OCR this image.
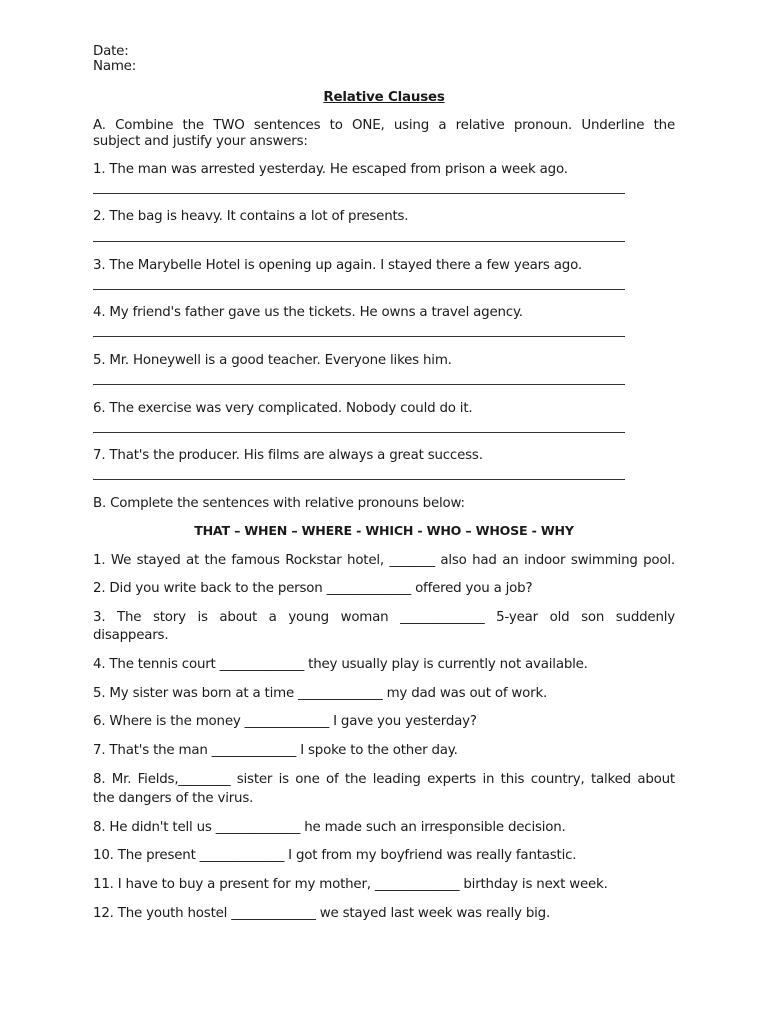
Date:
Name:
Relative Clauses
A. Combine the TWO sentences to ONE, using a relative pronoun. Underline the
subject and justify your answers:
1. The man was arrested yesterday. He escaped from prison a week ago.
2. The bag is heavy. It contains a lot of presents.
3. The Marybelle Hotel is opening up again. I stayed there a few years ago.
4. My friend's father gave us the tickets. He owns a travel agency.
5. Mr. Honeywell is a good teacher. Everyone likes him.
6. The exercise was very complicated. Nobody could do it.
7. That's the producer. His films are always a great success.
B. Complete the sentences with relative pronouns below:
THAT – WHEN – WHERE - WHICH - WHO – WHOSE - WHY
1. We stayed at the famous Rockstar hotel, _______ also had an indoor swimming pool.
2. Did you write back to the person _____________ offered you a job?
3. The story is about a young woman _____________ 5-year old son suddenly
disappears.
4. The tennis court _____________ they usually play is currently not available.
5. My sister was born at a time _____________ my dad was out of work.
6. Where is the money _____________ I gave you yesterday?
7. That's the man _____________ I spoke to the other day.
8. Mr. Fields,________ sister is one of the leading experts in this country, talked about
the dangers of the virus.
8. He didn't tell us _____________ he made such an irresponsible decision.
10. The present _____________ I got from my boyfriend was really fantastic.
11. I have to buy a present for my mother, _____________ birthday is next week.
12. The youth hostel _____________ we stayed last week was really big.
